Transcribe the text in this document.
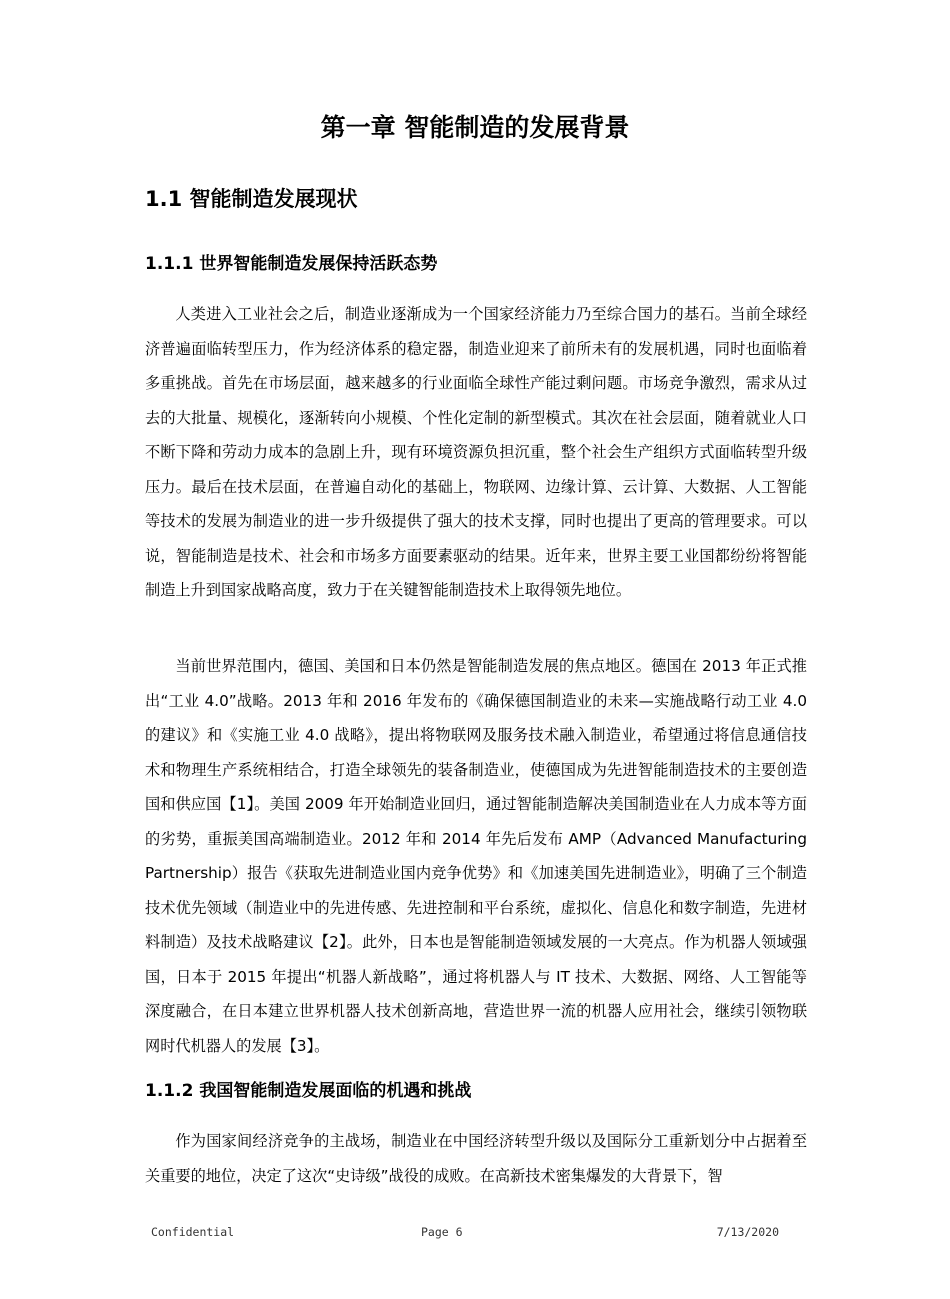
第一章 智能制造的发展背景
1.1 智能制造发展现状
1.1.1 世界智能制造发展保持活跃态势

人类进入工业社会之后，制造业逐渐成为一个国家经济能力乃至综合国力的基石。当前全球经济普遍面临转型压力，作为经济体系的稳定器，制造业迎来了前所未有的发展机遇，同时也面临着多重挑战。首先在市场层面，越来越多的行业面临全球性产能过剩问题。市场竞争激烈，需求从过去的大批量、规模化，逐渐转向小规模、个性化定制的新型模式。其次在社会层面，随着就业人口不断下降和劳动力成本的急剧上升，现有环境资源负担沉重，整个社会生产组织方式面临转型升级压力。最后在技术层面，在普遍自动化的基础上，物联网、边缘计算、云计算、大数据、人工智能等技术的发展为制造业的进一步升级提供了强大的技术支撑，同时也提出了更高的管理要求。可以说，智能制造是技术、社会和市场多方面要素驱动的结果。近年来，世界主要工业国都纷纷将智能制造上升到国家战略高度，致力于在关键智能制造技术上取得领先地位。

当前世界范围内，德国、美国和日本仍然是智能制造发展的焦点地区。德国在 2013 年正式推出“工业 4.0”战略。2013 年和 2016 年发布的《确保德国制造业的未来—实施战略行动工业 4.0 的建议》和《实施工业 4.0 战略》，提出将物联网及服务技术融入制造业，希望通过将信息通信技术和物理生产系统相结合，打造全球领先的装备制造业，使德国成为先进智能制造技术的主要创造国和供应国【1】。美国 2009 年开始制造业回归，通过智能制造解决美国制造业在人力成本等方面的劣势，重振美国高端制造业。2012 年和 2014 年先后发布 AMP（Advanced Manufacturing Partnership）报告《获取先进制造业国内竞争优势》和《加速美国先进制造业》，明确了三个制造技术优先领域（制造业中的先进传感、先进控制和平台系统，虚拟化、信息化和数字制造，先进材料制造）及技术战略建议【2】。此外，日本也是智能制造领域发展的一大亮点。作为机器人领域强国，日本于 2015 年提出“机器人新战略”，通过将机器人与 IT 技术、大数据、网络、人工智能等深度融合，在日本建立世界机器人技术创新高地，营造世界一流的机器人应用社会，继续引领物联网时代机器人的发展【3】。

1.1.2 我国智能制造发展面临的机遇和挑战

作为国家间经济竞争的主战场，制造业在中国经济转型升级以及国际分工重新划分中占据着至关重要的地位，决定了这次“史诗级”战役的成败。在高新技术密集爆发的大背景下，智

Confidential	Page 6	7/13/2020
